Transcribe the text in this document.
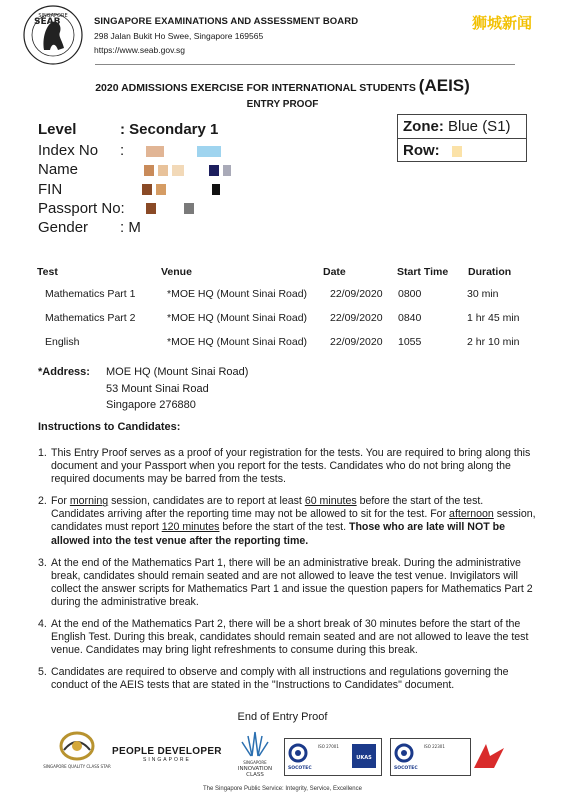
SINGAPORE
SEAB	SINGAPORE EXAMINATIONS AND ASSESSMENT BOARD
298 Jalan Bukit Ho Swee, Singapore 169565
https://www.seab.gov.sg
狮城新闻
2020 ADMISSIONS EXERCISE FOR INTERNATIONAL STUDENTS (AEIS)
ENTRY PROOF
Level	: Secondary 1
Index No :
Name

FIN

Passport No:

Gender : M
Zone: Blue (S1)
Row:
Test	Venue	Date	Start Time Duration
Mathematics Part 1	*MOE HQ (Mount Sinai Road) 22/09/2020 0800	30 min
Mathematics Part 2	*MOE HQ (Mount Sinai Road) 22/09/2020 0840	1 hr 45 min
English	*MOE HQ (Mount Sinai Road) 22/09/2020 1055	2 hr 10 min
*Address: MOE HQ (Mount Sinai Road)
53 Mount Sinai Road
Singapore 276880
Instructions to Candidates:
1. This Entry Proof serves as a proof of your registration for the tests. You are required to bring along this document and your Passport when you report for the tests. Candidates who do not bring along the required documents may be barred from the tests.
2. For morning session, candidates are to report at least 60 minutes before the start of the test. Candidates arriving after the reporting time may not be allowed to sit for the test. For afternoon session, candidates must report 120 minutes before the start of the test. Those who are late will NOT be allowed into the test venue after the reporting time.
3. At the end of the Mathematics Part 1, there will be an administrative break. During the administrative break, candidates should remain seated and are not allowed to leave the test venue. Invigilators will collect the answer scripts for Mathematics Part 1 and issue the question papers for Mathematics Part 2 during the administrative break.
4. At the end of the Mathematics Part 2, there will be a short break of 30 minutes before the start of the English Test. During this break, candidates should remain seated and are not allowed to leave the test venue. Candidates may bring light refreshments to consume during this break.
5. Candidates are required to observe and comply with all instructions and regulations governing the conduct of the AEIS tests that are stated in the "Instructions to Candidates" document.
End of Entry Proof
SINGAPORE QUALITY CLASS STAR
PEOPLE DEVELOPER
SINGAPORE	SINGAPORE
INNOVATION
CLASS
SOCOTEC
ISO 27001
UKAS
SOCOTEC
ISO 22301
The Singapore Public Service: Integrity, Service, Excellence
